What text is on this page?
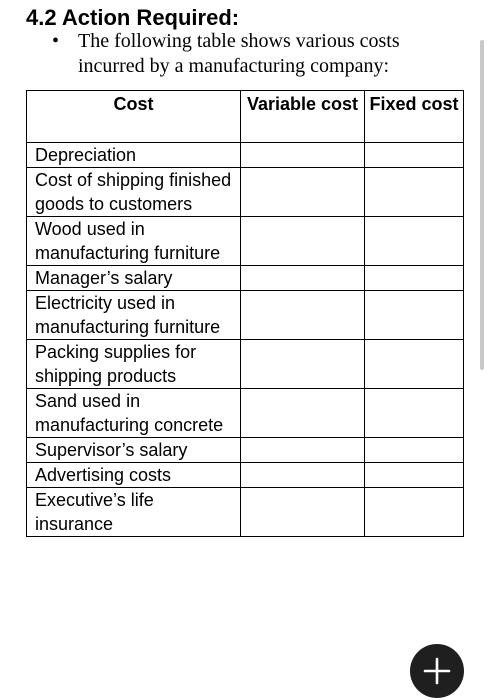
4.2 Action Required:
• The following table shows various costs incurred by a manufacturing company:
Cost	Variable cost	Fixed cost
Depreciation		
Cost of shipping finished goods to customers		
Wood used in manufacturing furniture		
Manager’s salary		
Electricity used in manufacturing furniture		
Packing supplies for shipping products		
Sand used in manufacturing concrete		
Supervisor’s salary		
Advertising costs		
Executive’s life insurance		
